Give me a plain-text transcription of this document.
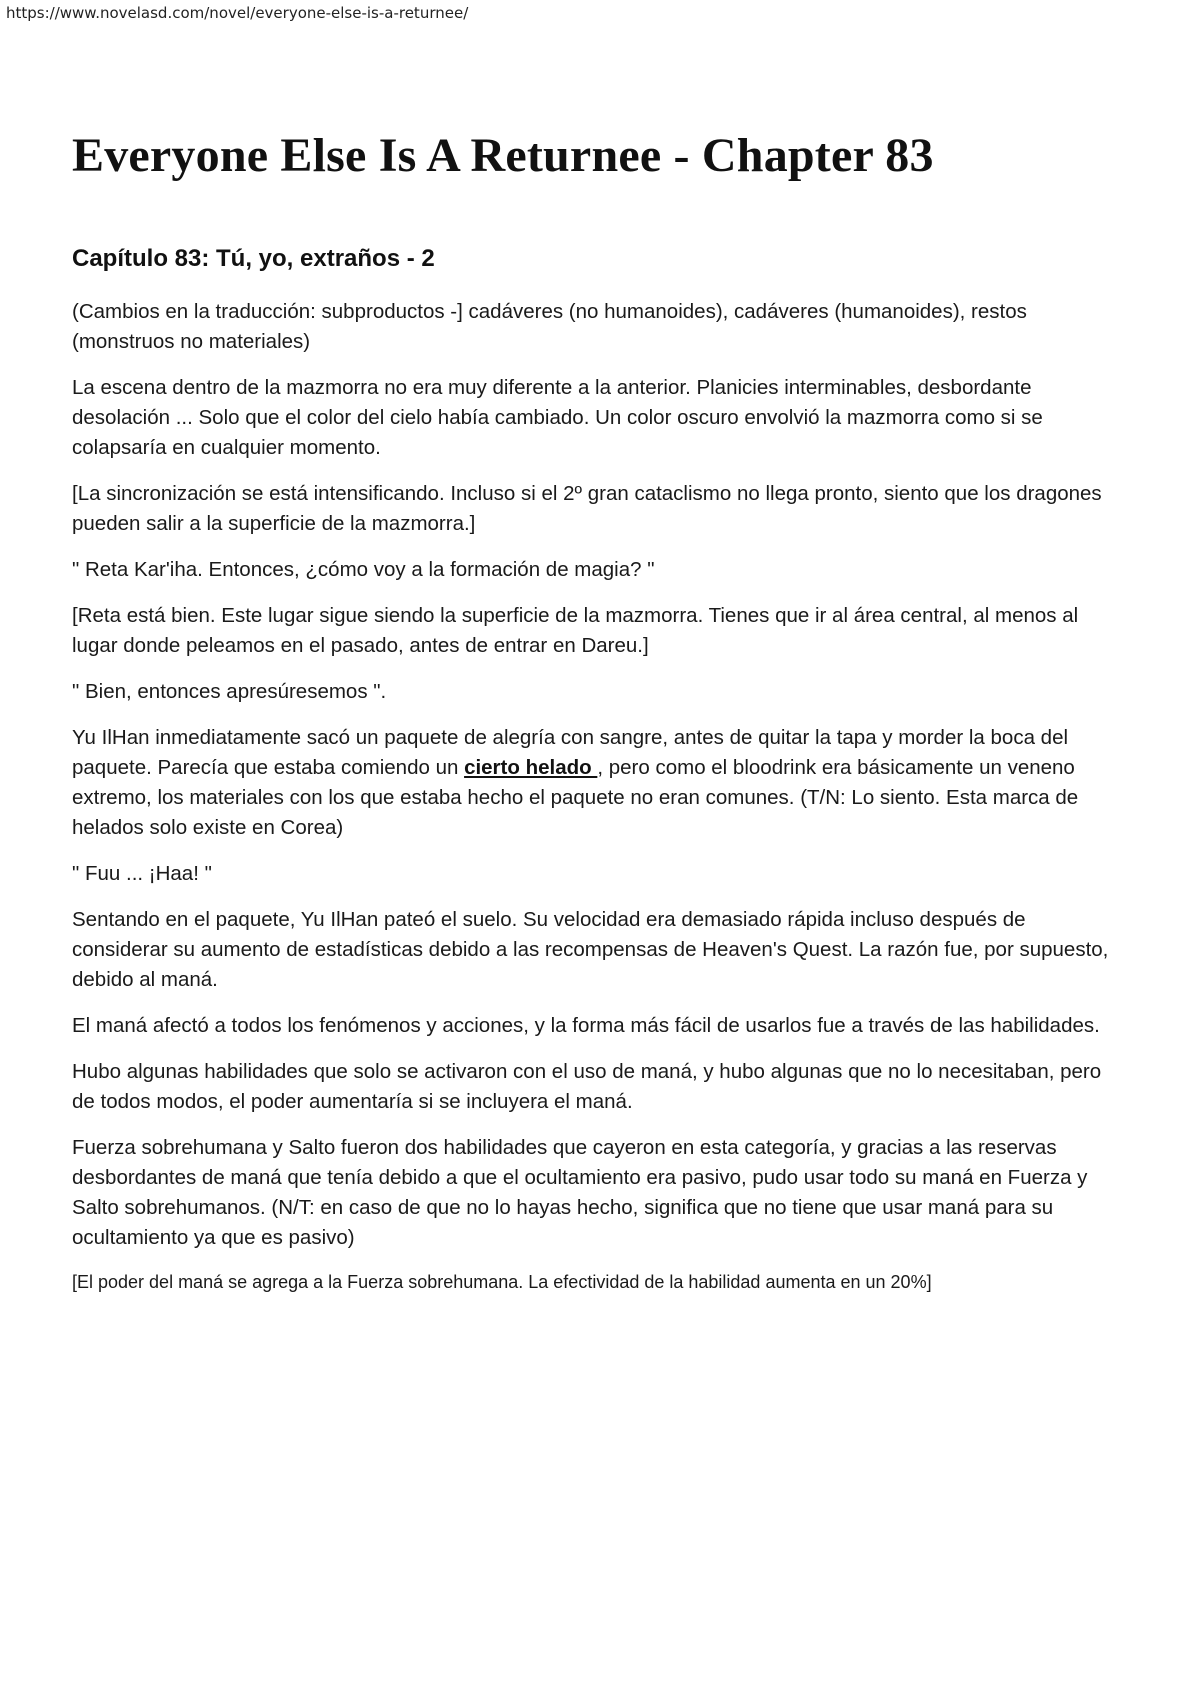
https://www.novelasd.com/novel/everyone-else-is-a-returnee/
Everyone Else Is A Returnee - Chapter 83
Capítulo 83: Tú, yo, extraños - 2

(Cambios en la traducción: subproductos -] cadáveres (no humanoides), cadáveres (humanoides), restos (monstruos no materiales)

La escena dentro de la mazmorra no era muy diferente a la anterior. Planicies interminables, desbordante desolación ... Solo que el color del cielo había cambiado. Un color oscuro envolvió la mazmorra como si se colapsaría en cualquier momento.

[La sincronización se está intensificando. Incluso si el 2º gran cataclismo no llega pronto, siento que los dragones pueden salir a la superficie de la mazmorra.]

" Reta Kar'iha. Entonces, ¿cómo voy a la formación de magia? "

[Reta está bien. Este lugar sigue siendo la superficie de la mazmorra. Tienes que ir al área central, al menos al lugar donde peleamos en el pasado, antes de entrar en Dareu.]

" Bien, entonces apresúresemos ".

Yu IlHan inmediatamente sacó un paquete de alegría con sangre, antes de quitar la tapa y morder la boca del paquete. Parecía que estaba comiendo un cierto helado , pero como el bloodrink era básicamente un veneno extremo, los materiales con los que estaba hecho el paquete no eran comunes. (T/N: Lo siento. Esta marca de helados solo existe en Corea)

" Fuu ... ¡Haa! "

Sentando en el paquete, Yu IlHan pateó el suelo. Su velocidad era demasiado rápida incluso después de considerar su aumento de estadísticas debido a las recompensas de Heaven's Quest. La razón fue, por supuesto, debido al maná.

El maná afectó a todos los fenómenos y acciones, y la forma más fácil de usarlos fue a través de las habilidades.

Hubo algunas habilidades que solo se activaron con el uso de maná, y hubo algunas que no lo necesitaban, pero de todos modos, el poder aumentaría si se incluyera el maná.

Fuerza sobrehumana y Salto fueron dos habilidades que cayeron en esta categoría, y gracias a las reservas desbordantes de maná que tenía debido a que el ocultamiento era pasivo, pudo usar todo su maná en Fuerza y Salto sobrehumanos. (N/T: en caso de que no lo hayas hecho, significa que no tiene que usar maná para su ocultamiento ya que es pasivo)

[El poder del maná se agrega a la Fuerza sobrehumana. La efectividad de la habilidad aumenta en un 20%]
